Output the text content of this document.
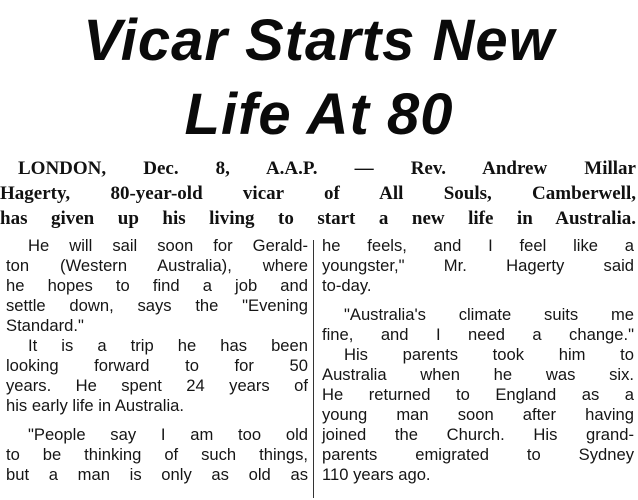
Vicar Starts New
Life At 80
LONDON, Dec. 8, A.A.P. — Rev. Andrew Millar
Hagerty, 80-year-old vicar of All Souls, Camberwell,
has given up his living to start a new life in Australia.
He will sail soon for Gerald-
ton (Western Australia), where
he hopes to find a job and
settle down, says the "Evening
Standard."
It is a trip he has been
looking forward to for 50
years. He spent 24 years of
his early life in Australia.
"People say I am too old
to be thinking of such things,
but a man is only as old as
he feels, and I feel like a
youngster," Mr. Hagerty said
to-day.
"Australia's climate suits me
fine, and I need a change."
His parents took him to
Australia when he was six.
He returned to England as a
young man soon after having
joined the Church. His grand-
parents emigrated to Sydney
110 years ago.
